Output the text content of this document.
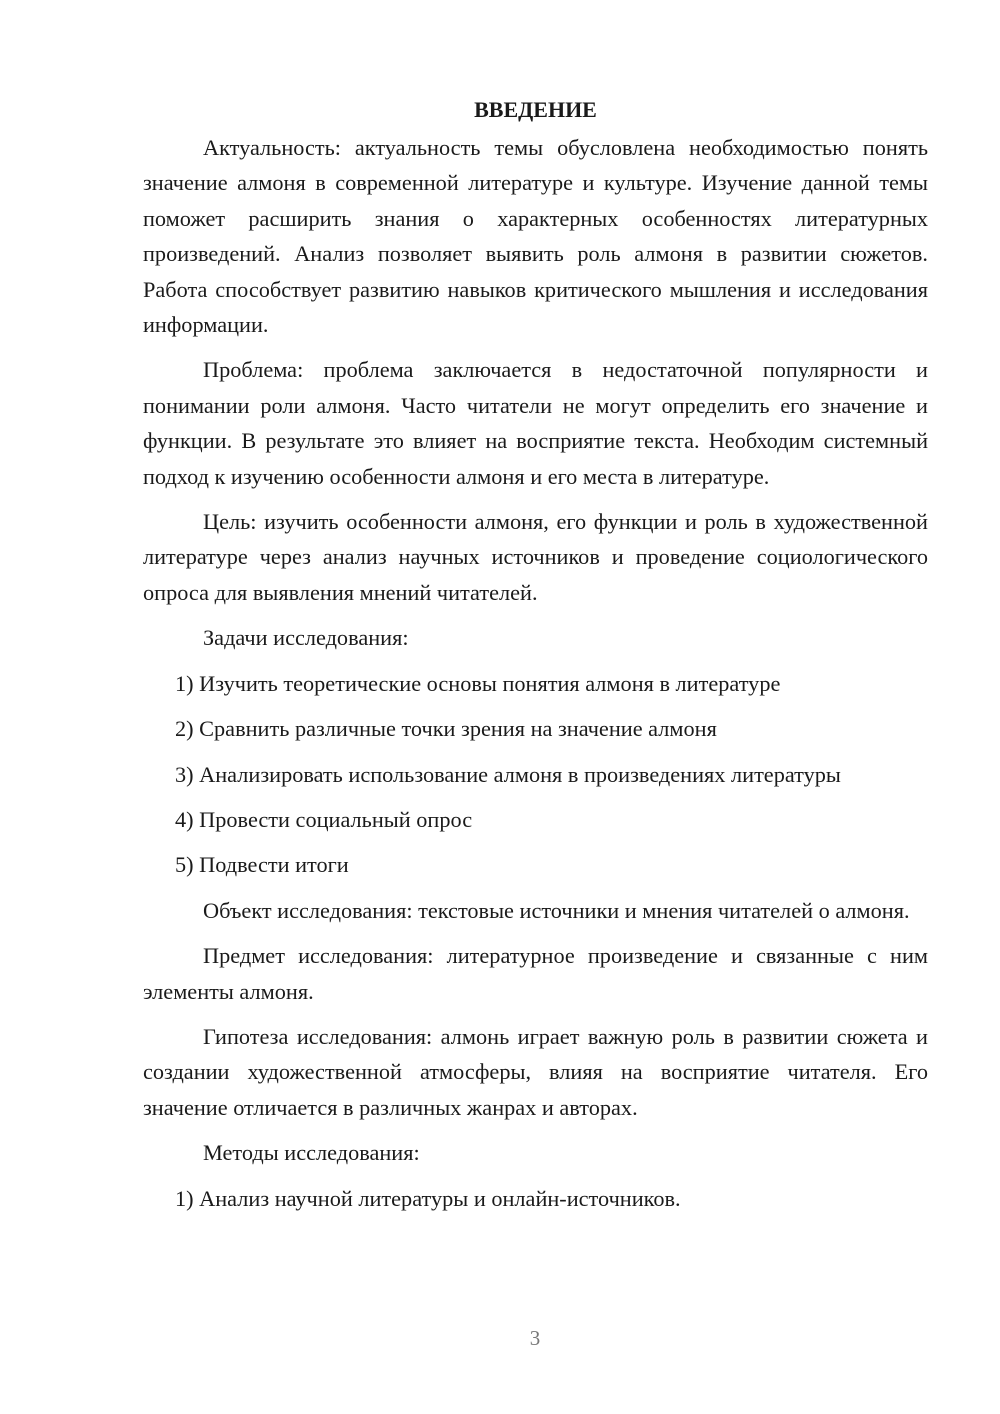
ВВЕДЕНИЕ

Актуальность: актуальность темы обусловлена необходимостью понять значение алмоня в современной литературе и культуре. Изучение данной темы поможет расширить знания о характерных особенностях литературных произведений. Анализ позволяет выявить роль алмоня в развитии сюжетов. Работа способствует развитию навыков критического мышления и исследования информации.

Проблема: проблема заключается в недостаточной популярности и понимании роли алмоня. Часто читатели не могут определить его значение и функции. В результате это влияет на восприятие текста. Необходим системный подход к изучению особенности алмоня и его места в литературе.

Цель: изучить особенности алмоня, его функции и роль в художественной литературе через анализ научных источников и проведение социологического опроса для выявления мнений читателей.

Задачи исследования:

1) Изучить теоретические основы понятия алмоня в литературе
2) Сравнить различные точки зрения на значение алмоня
3) Анализировать использование алмоня в произведениях литературы
4) Провести социальный опрос
5) Подвести итоги

Объект исследования: текстовые источники и мнения читателей о алмоня.

Предмет исследования: литературное произведение и связанные с ним элементы алмоня.

Гипотеза исследования: алмонь играет важную роль в развитии сюжета и создании художественной атмосферы, влияя на восприятие читателя. Его значение отличается в различных жанрах и авторах.

Методы исследования:

1) Анализ научной литературы и онлайн-источников.
3
